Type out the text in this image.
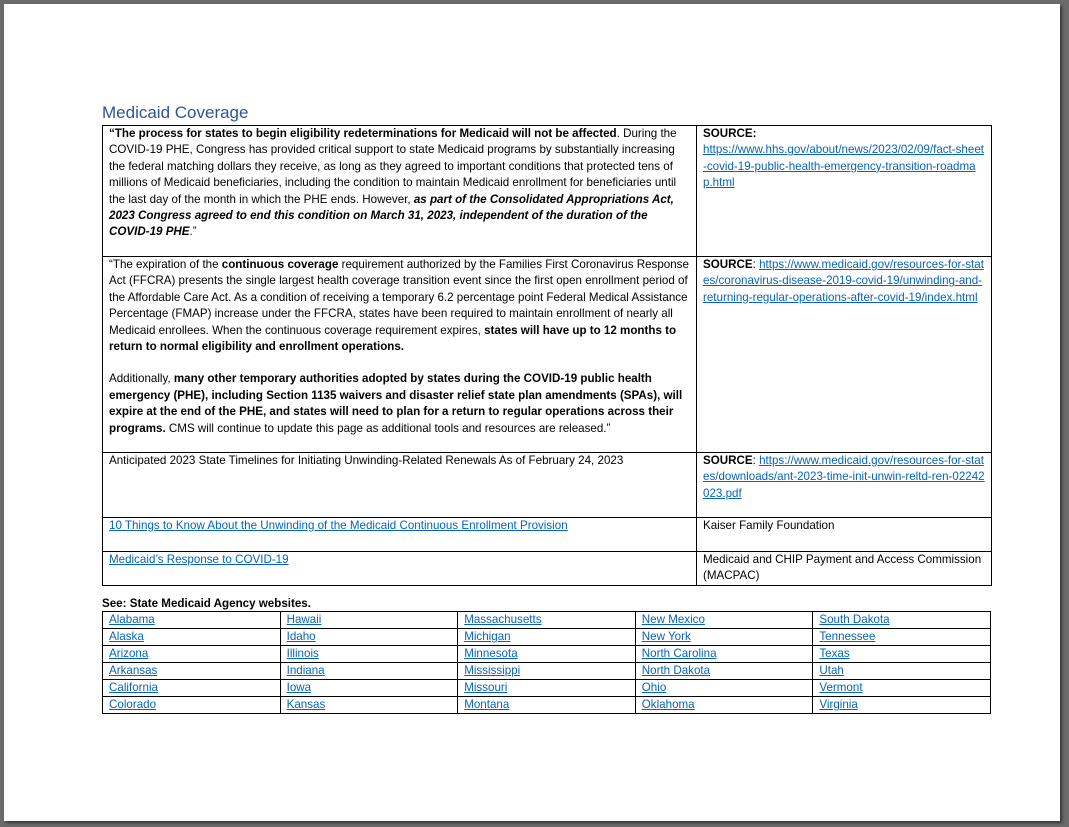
Medicaid Coverage
“The process for states to begin eligibility redeterminations for Medicaid will not be affected. During the COVID-19 PHE, Congress has provided critical support to state Medicaid programs by substantially increasing the federal matching dollars they receive, as long as they agreed to important conditions that protected tens of millions of Medicaid beneficiaries, including the condition to maintain Medicaid enrollment for beneficiaries until the last day of the month in which the PHE ends. However, as part of the Consolidated Appropriations Act, 2023 Congress agreed to end this condition on March 31, 2023, independent of the duration of the COVID-19 PHE.”	SOURCE:
https://www.hhs.gov/about/news/2023/02/09/fact-sheet-covid-19-public-health-emergency-transition-roadmap.html

“The expiration of the continuous coverage requirement authorized by the Families First Coronavirus Response Act (FFCRA) presents the single largest health coverage transition event since the first open enrollment period of the Affordable Care Act. As a condition of receiving a temporary 6.2 percentage point Federal Medical Assistance Percentage (FMAP) increase under the FFCRA, states have been required to maintain enrollment of nearly all Medicaid enrollees. When the continuous coverage requirement expires, states will have up to 12 months to return to normal eligibility and enrollment operations.
Additionally, many other temporary authorities adopted by states during the COVID-19 public health emergency (PHE), including Section 1135 waivers and disaster relief state plan amendments (SPAs), will expire at the end of the PHE, and states will need to plan for a return to regular operations across their programs. CMS will continue to update this page as additional tools and resources are released.”	SOURCE: https://www.medicaid.gov/resources-for-states/coronavirus-disease-2019-covid-19/unwinding-and-returning-regular-operations-after-covid-19/index.html
Anticipated 2023 State Timelines for Initiating Unwinding-Related Renewals As of February 24, 2023	SOURCE: https://www.medicaid.gov/resources-for-states/downloads/ant-2023-time-init-unwin-reltd-ren-02242023.pdf
10 Things to Know About the Unwinding of the Medicaid Continuous Enrollment Provision	Kaiser Family Foundation
Medicaid’s Response to COVID-19	Medicaid and CHIP Payment and Access Commission (MACPAC)
See: State Medicaid Agency websites.
Alabama	Hawaii	Massachusetts	New Mexico	South Dakota
Alaska	Idaho	Michigan	New York	Tennessee
Arizona	Illinois	Minnesota	North Carolina	Texas
Arkansas	Indiana	Mississippi	North Dakota	Utah
California	Iowa	Missouri	Ohio	Vermont
Colorado	Kansas	Montana	Oklahoma	Virginia
